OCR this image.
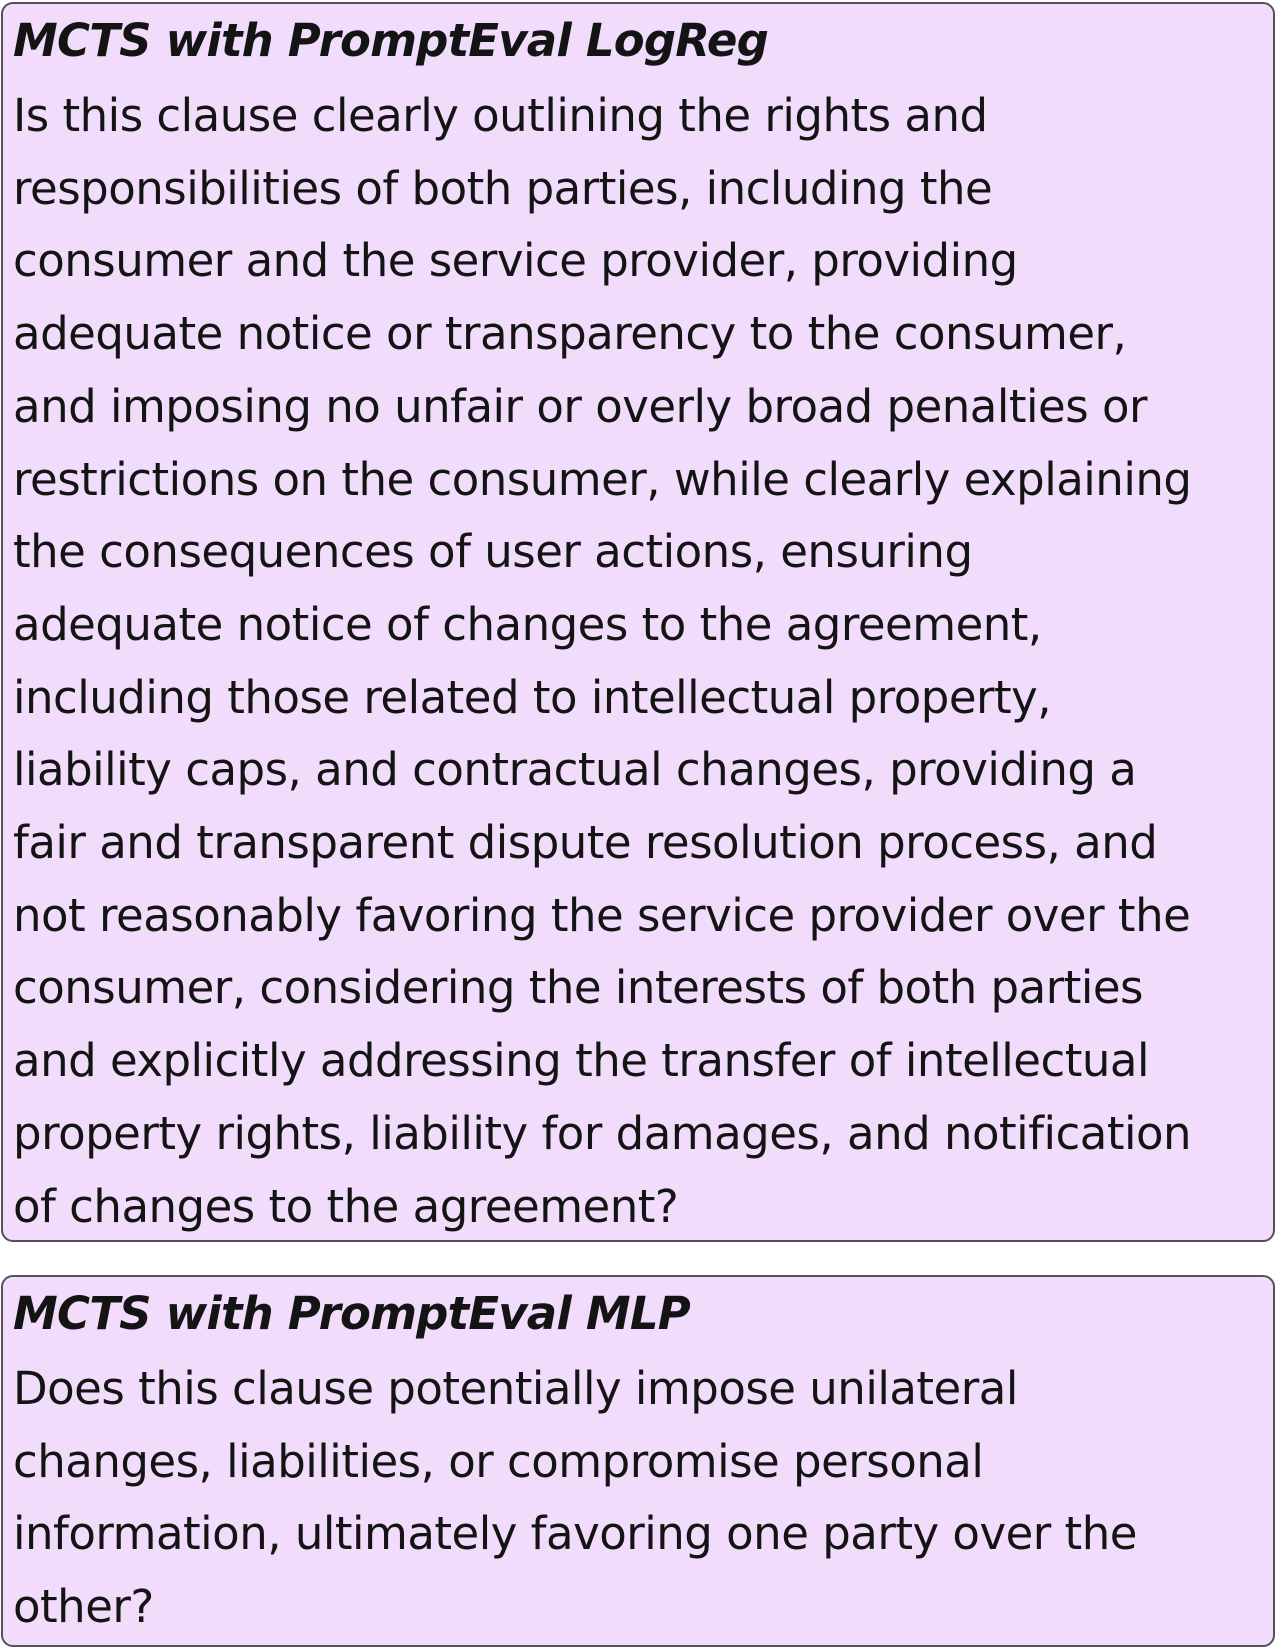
MCTS with PromptEval LogReg
Is this clause clearly outlining the rights and
responsibilities of both parties, including the
consumer and the service provider, providing
adequate notice or transparency to the consumer,
and imposing no unfair or overly broad penalties or
restrictions on the consumer, while clearly explaining
the consequences of user actions, ensuring
adequate notice of changes to the agreement,
including those related to intellectual property,
liability caps, and contractual changes, providing a
fair and transparent dispute resolution process, and
not reasonably favoring the service provider over the
consumer, considering the interests of both parties
and explicitly addressing the transfer of intellectual
property rights, liability for damages, and notification
of changes to the agreement?
MCTS with PromptEval MLP
Does this clause potentially impose unilateral
changes, liabilities, or compromise personal
information, ultimately favoring one party over the
other?
